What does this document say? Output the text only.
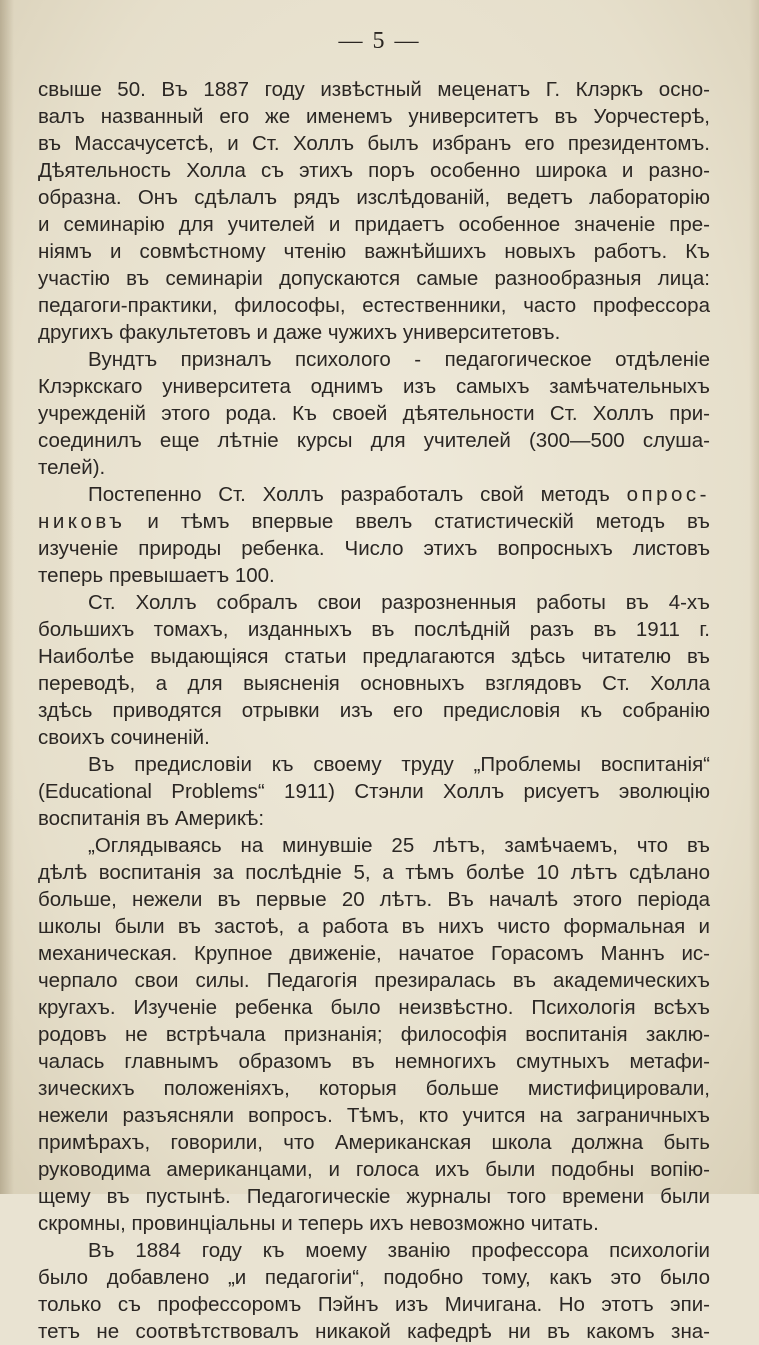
— 5 —
свыше 50. Въ 1887 году извѣстный меценатъ Г. Клэркъ осно-
валъ названный его же именемъ университетъ въ Уорчестерѣ,
въ Массачусетсѣ, и Ст. Холлъ былъ избранъ его президентомъ.
Дѣятельность Холла съ этихъ поръ особенно широка и разно-
образна. Онъ сдѣлалъ рядъ изслѣдованій, ведетъ лабораторію
и семинарію для учителей и придаетъ особенное значеніе пре-
ніямъ и совмѣстному чтенію важнѣйшихъ новыхъ работъ. Къ
участію въ семинаріи допускаются самые разнообразныя лица:
педагоги-практики, философы, естественники, часто профессора
другихъ факультетовъ и даже чужихъ университетовъ.
Вундтъ призналъ психолого - педагогическое отдѣленіе
Клэркскаго университета однимъ изъ самыхъ замѣчательныхъ
учрежденій этого рода. Къ своей дѣятельности Ст. Холлъ при-
соединилъ еще лѣтніе курсы для учителей (300—500 слуша-
телей).
Постепенно Ст. Холлъ разработалъ свой методъ опрос-
никовъ и тѣмъ впервые ввелъ статистическій методъ въ
изученіе природы ребенка. Число этихъ вопросныхъ листовъ
теперь превышаетъ 100.
Ст. Холлъ собралъ свои разрозненныя работы въ 4-хъ
большихъ томахъ, изданныхъ въ послѣдній разъ въ 1911 г.
Наиболѣе выдающіяся статьи предлагаются здѣсь читателю въ
переводѣ, а для выясненія основныхъ взглядовъ Ст. Холла
здѣсь приводятся отрывки изъ его предисловія къ собранію
своихъ сочиненій.
Въ предисловіи къ своему труду „Проблемы воспитанія“
(Educational Problems“ 1911) Стэнли Холлъ рисуетъ эволюцію
воспитанія въ Америкѣ:
„Оглядываясь на минувшіе 25 лѣтъ, замѣчаемъ, что въ
дѣлѣ воспитанія за послѣдніе 5, а тѣмъ болѣе 10 лѣтъ сдѣлано
больше, нежели въ первые 20 лѣтъ. Въ началѣ этого періода
школы были въ застоѣ, а работа въ нихъ чисто формальная и
механическая. Крупное движеніе, начатое Горасомъ Маннъ ис-
черпало свои силы. Педагогія презиралась въ академическихъ
кругахъ. Изученіе ребенка было неизвѣстно. Психологія всѣхъ
родовъ не встрѣчала признанія; философія воспитанія заклю-
чалась главнымъ образомъ въ немногихъ смутныхъ метафи-
зическихъ положеніяхъ, которыя больше мистифицировали,
нежели разъясняли вопросъ. Тѣмъ, кто учится на заграничныхъ
примѣрахъ, говорили, что Американская школа должна быть
руководима американцами, и голоса ихъ были подобны вопію-
щему въ пустынѣ. Педагогическіе журналы того времени были
скромны, провинціальны и теперь ихъ невозможно читать.
Въ 1884 году къ моему званію профессора психологіи
было добавлено „и педагогіи“, подобно тому, какъ это было
только съ профессоромъ Пэйнъ изъ Мичигана. Но этотъ эпи-
тетъ не соотвѣтствовалъ никакой кафедрѣ ни въ какомъ зна-
